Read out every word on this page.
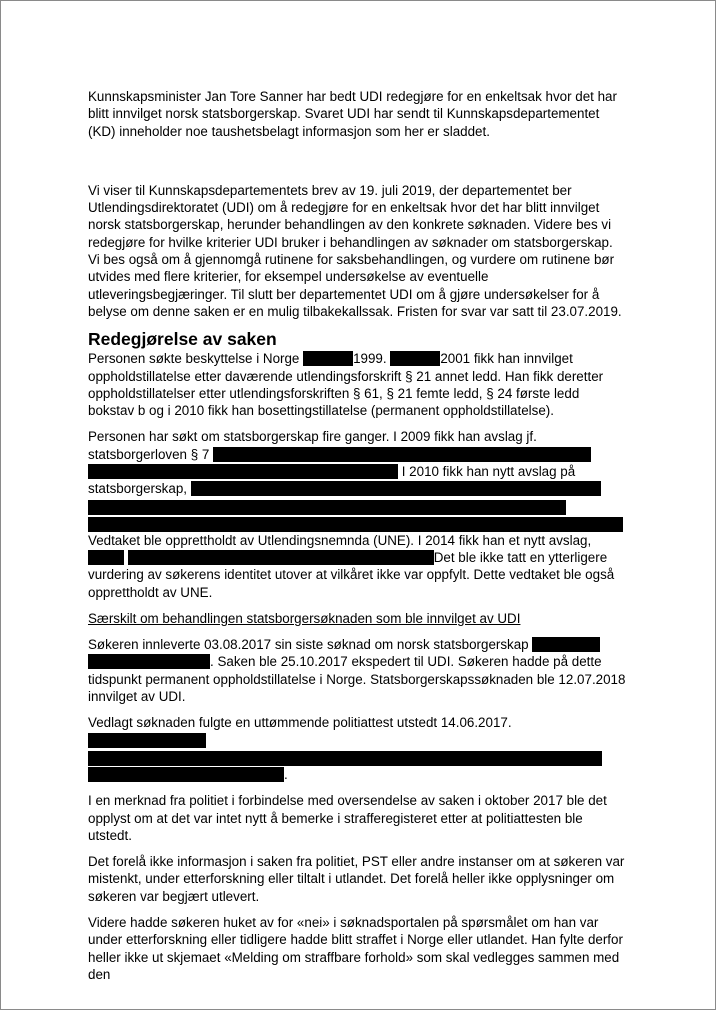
Kunnskapsminister Jan Tore Sanner har bedt UDI redegjøre for en enkeltsak hvor det har blitt innvilget norsk statsborgerskap. Svaret UDI har sendt til Kunnskapsdepartementet (KD) inneholder noe taushetsbelagt informasjon som her er sladdet.

Vi viser til Kunnskapsdepartementets brev av 19. juli 2019, der departementet ber Utlendingsdirektoratet (UDI) om å redegjøre for en enkeltsak hvor det har blitt innvilget norsk statsborgerskap, herunder behandlingen av den konkrete søknaden. Videre bes vi redegjøre for hvilke kriterier UDI bruker i behandlingen av søknader om statsborgerskap. Vi bes også om å gjennomgå rutinene for saksbehandlingen, og vurdere om rutinene bør utvides med flere kriterier, for eksempel undersøkelse av eventuelle utleveringsbegjæringer. Til slutt ber departementet UDI om å gjøre undersøkelser for å belyse om denne saken er en mulig tilbakekallssak. Fristen for svar var satt til 23.07.2019.

Redegjørelse av saken

Personen søkte beskyttelse i Norge	1999.	2001 fikk han innvilget oppholdstillatelse etter daværende utlendingsforskrift § 21 annet ledd. Han fikk deretter oppholdstillatelser etter utlendingsforskriften § 61, § 21 femte ledd, § 24 første ledd bokstav b og i 2010 fikk han bosettingstillatelse (permanent oppholdstillatelse).

Personen har søkt om statsborgerskap fire ganger. I 2009 fikk han avslag jf. statsborgerloven § 7  I 2010 fikk han nytt avslag på statsborgerskap,
Vedtaket ble opprettholdt av Utlendingsnemnda (UNE). I 2014 fikk han et nytt avslag,  Det ble ikke tatt en ytterligere vurdering av søkerens identitet utover at vilkåret ikke var oppfylt. Dette vedtaket ble også opprettholdt av UNE.

Særskilt om behandlingen statsborgersøknaden som ble innvilget av UDI

Søkeren innleverte 03.08.2017 sin siste søknad om norsk statsborgerskap  . Saken ble 25.10.2017 ekspedert til UDI. Søkeren hadde på dette tidspunkt permanent oppholdstillatelse i Norge. Statsborgerskapssøknaden ble 12.07.2018 innvilget av UDI.

Vedlagt søknaden fulgte en uttømmende politiattest utstedt 14.06.2017.
.

I en merknad fra politiet i forbindelse med oversendelse av saken i oktober 2017 ble det opplyst om at det var intet nytt å bemerke i strafferegisteret etter at politiattesten ble utstedt.

Det forelå ikke informasjon i saken fra politiet, PST eller andre instanser om at søkeren var mistenkt, under etterforskning eller tiltalt i utlandet. Det forelå heller ikke opplysninger om søkeren var begjært utlevert.

Videre hadde søkeren huket av for «nei» i søknadsportalen på spørsmålet om han var under etterforskning eller tidligere hadde blitt straffet i Norge eller utlandet. Han fylte derfor heller ikke ut skjemaet «Melding om straffbare forhold» som skal vedlegges sammen med den
